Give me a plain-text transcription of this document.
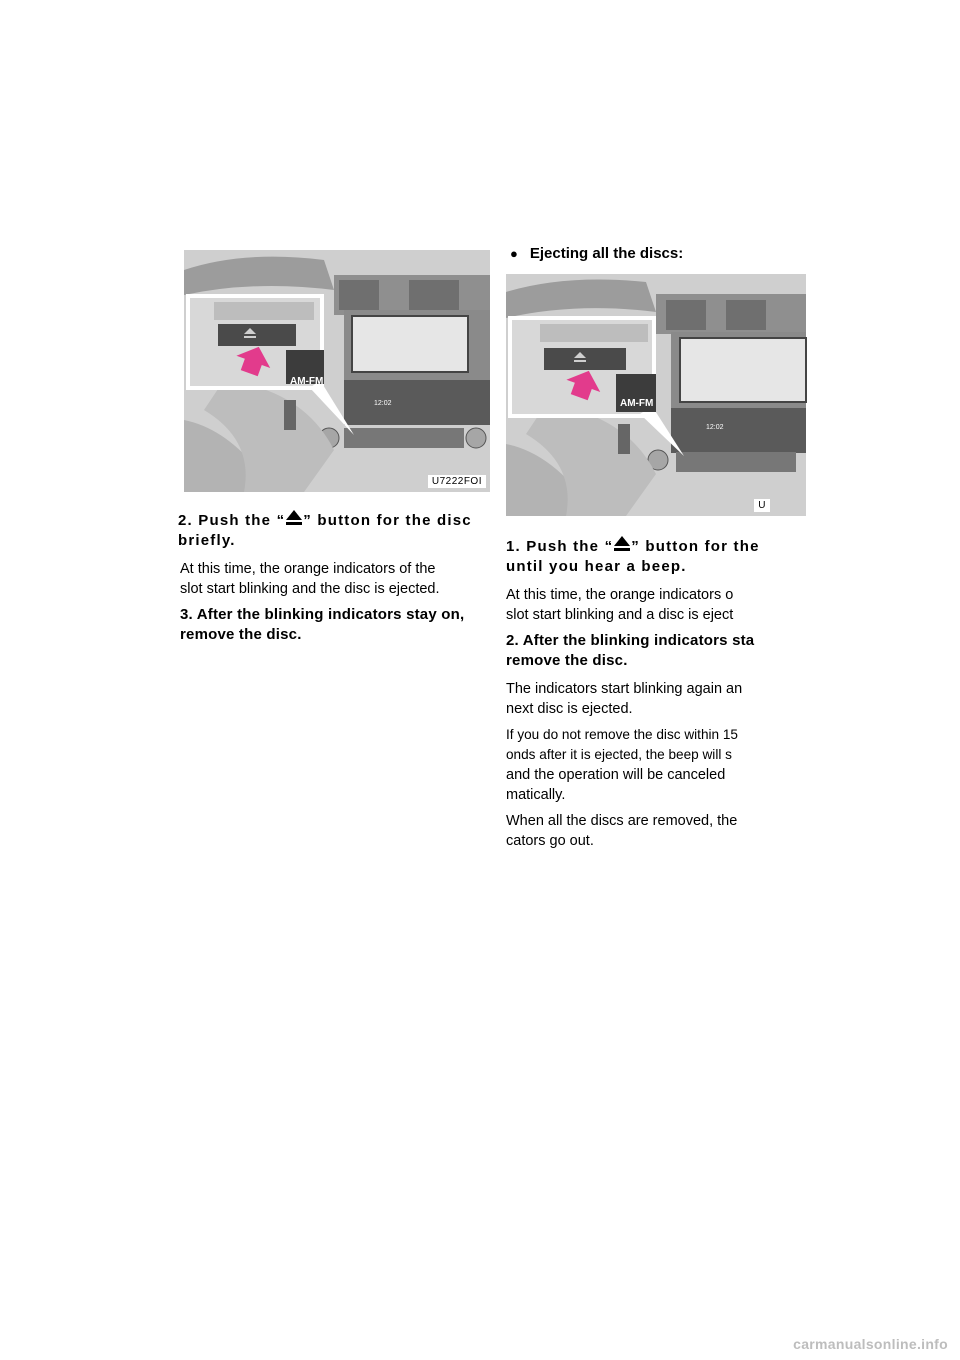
12:02
AM-FM
U7222FOI

2. Push the “ ” button for the disc

briefly.

At this time, the orange indicators of the
slot start blinking and the disc is ejected.

3. After the blinking indicators stay on,

remove the disc.

● Ejecting all the discs:

12:02
AM-FM
U

1. Push the “ ” button for the

until you hear a beep.

At this time, the orange indicators o
slot start blinking and a disc is eject

2. After the blinking indicators sta

remove the disc.

The indicators start blinking again an
next disc is ejected.

If you do not remove the disc within 15
onds after it is ejected, the beep will s
and the operation will be canceled
matically.

When all the discs are removed, the
cators go out.

carmanualsonline.info
